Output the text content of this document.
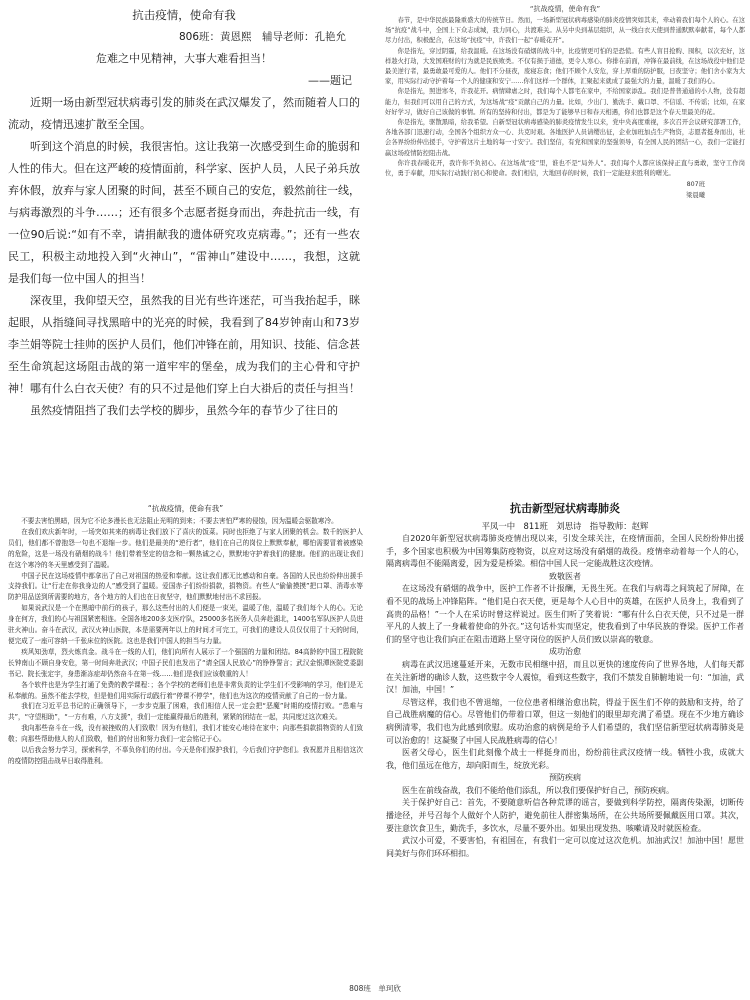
抗击疫情，使命有我

806班：黄恩熙　辅导老师：孔艳允

危难之中见精神，大事大难看担当！

——题记

近期一场由新型冠状病毒引发的肺炎在武汉爆发了，然而随着人口的流动，疫情迅速扩散至全国。

听到这个消息的时候，我很害怕。这让我第一次感受到生命的脆弱和人性的伟大。但在这严峻的疫情面前，科学家、医护人员，人民子弟兵放弃休假，放弃与家人团聚的时间，甚至不顾自己的安危，毅然前往一线，与病毒激烈的斗争……；还有很多个志愿者挺身而出，奔赴抗击一线，有一位90后说:“如有不幸，请捐献我的遗体研究攻克病毒。”；还有一些农民工，积极主动地投入到“火神山”，“雷神山”建设中……，我想，这就是我们每一位中国人的担当！

深夜里，我仰望天空，虽然我的目光有些许迷茫，可当我抬起手，眯起眼，从指缝间寻找黑暗中的光亮的时候，我看到了84岁钟南山和73岁李兰娟等院士挂帅的医护人员们，他们冲锋在前，用知识、技能、信念甚至生命筑起这场阻击战的第一道牢牢的堡垒，成为我们的主心骨和守护神！哪有什么白衣天使？有的只不过是他们穿上白大褂后的责任与担当！

虽然疫情阻挡了我们去学校的脚步，虽然今年的春节少了往日的

“抗战疫情，使命有我”

春节，是中华民族最隆重盛大的传统节日。然而，一场新型冠状病毒感染的肺炎疫情突如其来，牵动着我们每个人的心。在这场“抗疫”战斗中，全国上下众志成城，我力同心，共渡难关。从另中央到基层组织，从一线白衣天使到普通默默奉献者，每个人都尽力付出，积极配合，在这场“抗疫”中，许我们一起“春暖花开”。

你是指光，穿过阴霾，给我温暖。在这场没有硝烟的战斗中，比疫情更可怕的是恐慌。有些人盲目抢购、囤积，以次充好，这样趁火打劫，大发国难财的行为就是民族败类。不仅有损于道德，更令人寒心。你排在前面，冲锋在最前线，在这场战役中他们是最美逆行者，最勇敢最可爱的人。他们不分昼夜，废寝忘食；他们不顾个人安危，穿上厚重的防护服，日夜坚守；他们舍小家为大家，用实际行动守护着每一个人的健康和安宁……你们这样一个群体，汇聚起来就成了最强大的力量，温暖了我们的心。

你是指光，照进寒冬，许我花开。病情肆虐之时，我们每个人都宅在家中，不给国家添乱。我们是普普通通的小人物，没有超能力，但我们可以用自己的方式，为这场战“疫”贡献自己的力量。比如，少出门、勤洗手、戴口罩、不信谣、不传谣；比如，在家好好学习，做好自己该做的事情。所有的坚持和付出，都是为了能够早日和春天相遇，你们也都是这个春天里最美的花。

你是指光，驱散黑暗，给我希望。自新型冠状病毒感染的肺炎疫情发生以来，党中央高度重视，多次召开会议研究部署工作，各地各部门迅速行动，全国各个组织方众一心、共克时艰。各地医护人员请缨出征，企业加班加点生产物资，志愿者挺身而出，社会各界纷纷伸出援手，守护着这片土地的每一寸安宁。我们坚信，有党和国家的坚强领导，有全国人民的团结一心，我们一定能打赢这场疫情防控阻击战。

你许我春暖花开，我许你不负初心。在这场战“疫”里，谁也不是“局外人”。我们每个人都应该保持正直与勇敢，坚守工作岗位，勇于奉献，用实际行动践行初心和使命。我们相信，大地回春的时候，我们一定能迎来胜利的曙光。

807班

梁晨曦

“抗战疫情，使命有我”

不要去害怕黑暗，因为它不论多漫长也无法阻止光明的到来；不要去害怕严寒的侵蚀，因为温暖会驱散寒冷。

在我们欢庆新年时，一场突如其来的病毒让我们放下了喜庆的饭菜。同时也拒绝了与家人团聚的机会。数千的医护人员们，他们都不曾抱怨一句也不退缩一步。他们是最美的“逆行者”，他们在自己的岗位上默默奉献，哪怕需要冒着被感染的危险，这是一场没有硝烟的战斗！他们带着坚定的信念和一颗热诚之心，默默地守护着我们的健康。他们的出现让我们在这个寒冷的冬天里感受到了温暖。

中国子民在这场疫情中都拿出了自己对祖国的热爱和奉献。这让我们都无比感动和自豪。各国的人民也纷纷伸出援手支持我们。让“行走在你我身边的人”感受到了温暖。爱国赤子们纷纷捐款，捐物资。有些人“偷偷摸摸”把口罩、消毒水等防护用品送到所需要的地方，各个地方的人们也在日夜坚守，他们默默地付出不求回报。

如果说武汉是一个在黑暗中前行的孩子，那么这些付出的人们便是一束光，温暖了他，温暖了我们每个人的心。无论身在何方，我们的心与祖国紧密相连。全国各地200多支医疗队，25000多名医务人员奔赴湖北，1400名军队医护人员进驻火神山。奋斗在武汉，武汉火神山医院，本是需要两年以上的时间才可完工，可我们的建设人员仅仅用了十天的时间，便完成了一座可容纳一千张床位的医院。这也是我们中国人的担当与力量。

疾风知劲草，烈火炼真金。战斗在一线的人们，他们向所有人展示了一个强国的力量和团结。84高龄的中国工程院院长钟南山不顾自身安危，第一时间奔赴武汉；中国子民们也发出了“请全国人民放心”的铮铮誓言；武汉金银潭医院党委副书记、院长张定宇，身患渐冻症却仍然奋斗在第一线……他们是我们应该敬重的人！

各个软件也是为学生打通了免费的教学课程：；各个学校的老师们也是非常负责的让学生们不受影响的学习，他们是无私奉献的。虽然不能去学校，但是他们用实际行动践行着“停课不停学”，他们也为这次的疫情贡献了自己的一份力量。

我们在习近平总书记的正确领导下，一步步克服了困难，我们相信人民一定会把“恶魔”时期的疫情打败。“患难与共”，“守望相助”，“一方有难，八方支援”，我们一定能赢得最后的胜利，紧紧的团结在一起，共同度过这次难关。

我向那些奋斗在一线，没有被挫败的人们致敬！因为有他们，我们才能安心地待在家中；向那些捐款捐物资的人们致敬；向那些帮助他人的人们致敬，他们的付出和努力我们一定会铭记于心。

以后我会努力学习，探索科学，不辜负你们的付出。今天是你们保护我们，今后我们守护您们。我祝愿并且相信这次的疫情防控阻击战早日取得胜利。

抗击新型冠状病毒肺炎

平凤一中　811班　刘思诗　指导教师：赵辉

自2020年新型冠状病毒肺炎疫情出现以来，引发全球关注，在疫情面前，全国人民纷纷伸出援手，多个国家也积极为中国筹集防疫物资，以应对这场没有硝烟的战役。疫情牵动着每一个人的心，隔离病毒但不能隔离爱，因为爱是桥梁。相信中国人民一定能战胜这次疫情。

致敬医者

在这场没有硝烟的战争中，医护工作者不计报酬，无畏生死。在我们与病毒之间筑起了屏障，在看不见的战场上冲锋陷阵。“他们是白衣天使，更是每个人心目中的英雄，在医护人员身上，我看到了高贵的品格！”一个人在采访时曾这样说过。医生们听了笑着说：“哪有什么白衣天使，只不过是一群平凡的人披上了一身載着使命的外衣。”这句话朴实而坚定，使我看到了中华民族的脊梁。医护工作者们的坚守也让我们向正在阻击道路上坚守岗位的医护人员们致以崇高的敬意。

成功治愈

病毒在武汉迅速蔓延开来，无数市民相继中招，而且以更快的速度传向了世界各地，人们每天都在关注新增的确诊人数，这些数字令人震惊，看到这些数字，我们不禁发自肺腑地说一句：“加油，武汉！加油，中国！”

尽管这样，我们也不曾退缩，一位位患者相继治愈出院，得益于医生们不停的鼓励和支持，给了自己战胜病魔的信心。尽管他们仍带着口罩，但这一刻他们的眼里却充满了希望。现在不少地方确诊病例清零，我们也为此感到欣慰。成功治愈的病例是给予人们希望的，我们坚信新型冠状病毒肺炎是可以治愈的！这凝聚了中国人民战胜病毒的信心！

医者父母心，医生们此刻像个战士一样挺身而出，纷纷前往武汉疫情一线。牺牲小我，成就大我，他们虽远在他方，却向阳而生，绽放光彩。

预防疾病

医生在前线奋战，我们不能给他们添乱，所以我们要保护好自己，预防疾病。

关于保护好自己：首先，不要随意听信各种荒谬的谣言，要做到科学防控，隔离传染源，切断传播途径，并号召每个人做好个人防护，避免前往人群密集场所，在公共场所要佩戴医用口罩。其次，要注意饮食卫生，勤洗手，多饮水，尽量不要外出。如果出现发热、咳嗽请及时就医检查。

武汉小可爱，不要害怕，有祖国在，有我们一定可以度过这次危机。加油武汉！加油中国！愿世间美好与你们环环相扣。

808班　单珂欣
